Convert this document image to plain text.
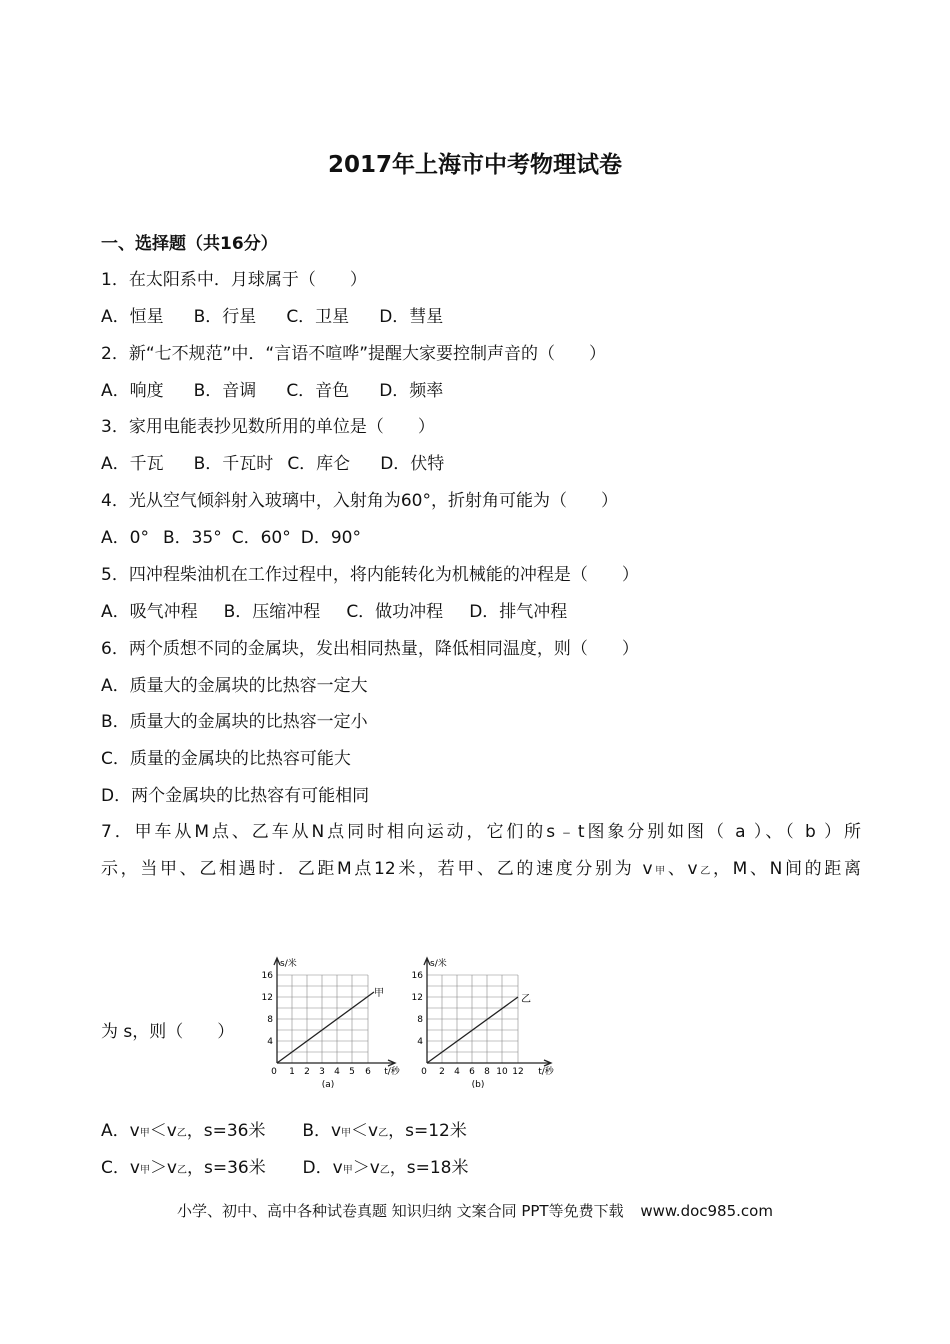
2017年上海市中考物理试卷
一、选择题（共16分）
1．在太阳系中．月球属于（　　）
A．恒星 B．行星 C．卫星 D．彗星
2．新“七不规范”中．“言语不喧哗”提醒大家要控制声音的（　　）
A．响度 B．音调 C．音色 D．频率
3．家用电能表抄见数所用的单位是（　　）
A．千瓦 B．千瓦时 C．库仑 D．伏特
4．光从空气倾斜射入玻璃中，入射角为60°，折射角可能为（　　）
A．0° B．35° C．60° D．90°
5．四冲程柴油机在工作过程中，将内能转化为机械能的冲程是（　　）
A．吸气冲程 B．压缩冲程 C．做功冲程 D．排气冲程
6．两个质想不同的金属块，发出相同热量，降低相同温度，则（　　）
A．质量大的金属块的比热容一定大
B．质量大的金属块的比热容一定小
C．质量的金属块的比热容可能大
D．两个金属块的比热容有可能相同
7．甲车从M点、乙车从N点同时相向运动，它们的s﹣t图象分别如图（ a ）、（ b ）所
示，当甲、乙相遇时．乙距M点12米，若甲、乙的速度分别为 v甲、v乙，M、N间的距离
为 s，则（　　）
s/米
甲
16
12
8
4
0 1 2 3 4 5 6 t/秒
(a)
s/米
乙
16
12
8
4
0 2 4 6 8 10 12 t/秒
(b)
A．v甲＜v乙，s=36米 B．v甲＜v乙，s=12米
C．v甲＞v乙，s=36米 D．v甲＞v乙，s=18米
小学、初中、高中各种试卷真题 知识归纳 文案合同 PPT等免费下载 www.doc985.com
